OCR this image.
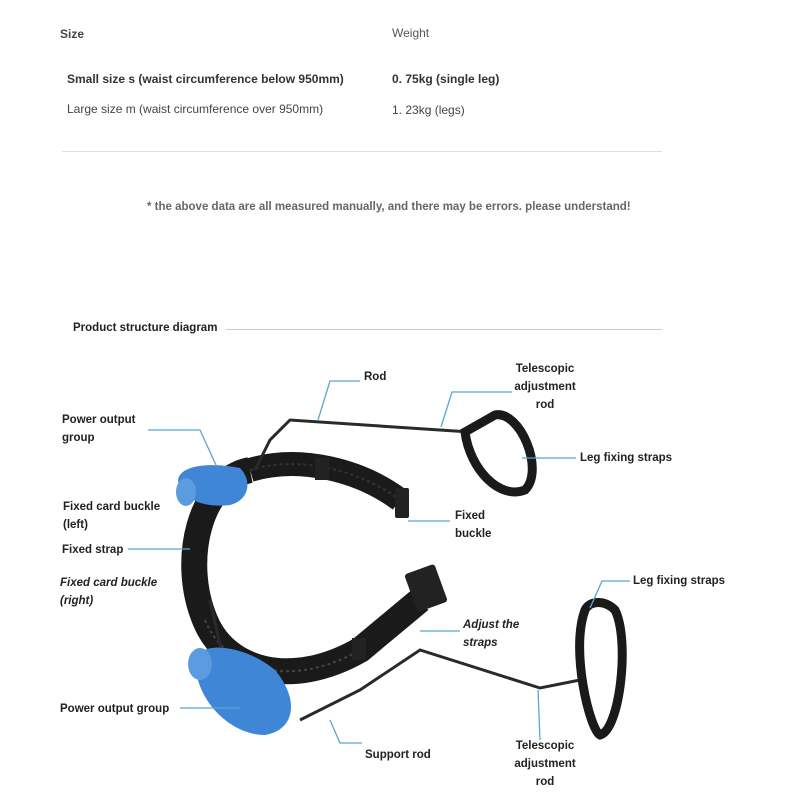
Size	Weight
Small size s (waist circumference below 950mm)	0. 75kg (single leg)
Large size m (waist circumference over 950mm)	1. 23kg (legs)
* the above data are all measured manually, and there may be errors. please understand!
Product structure diagram
Rod
Telescopic
adjustment
rod
Power output
group
Leg fixing straps
Fixed card buckle
(left)
Fixed
buckle
Fixed strap
Fixed card buckle
(right)
Leg fixing straps
Adjust the
straps
Power output group
Support rod
Telescopic
adjustment
rod
